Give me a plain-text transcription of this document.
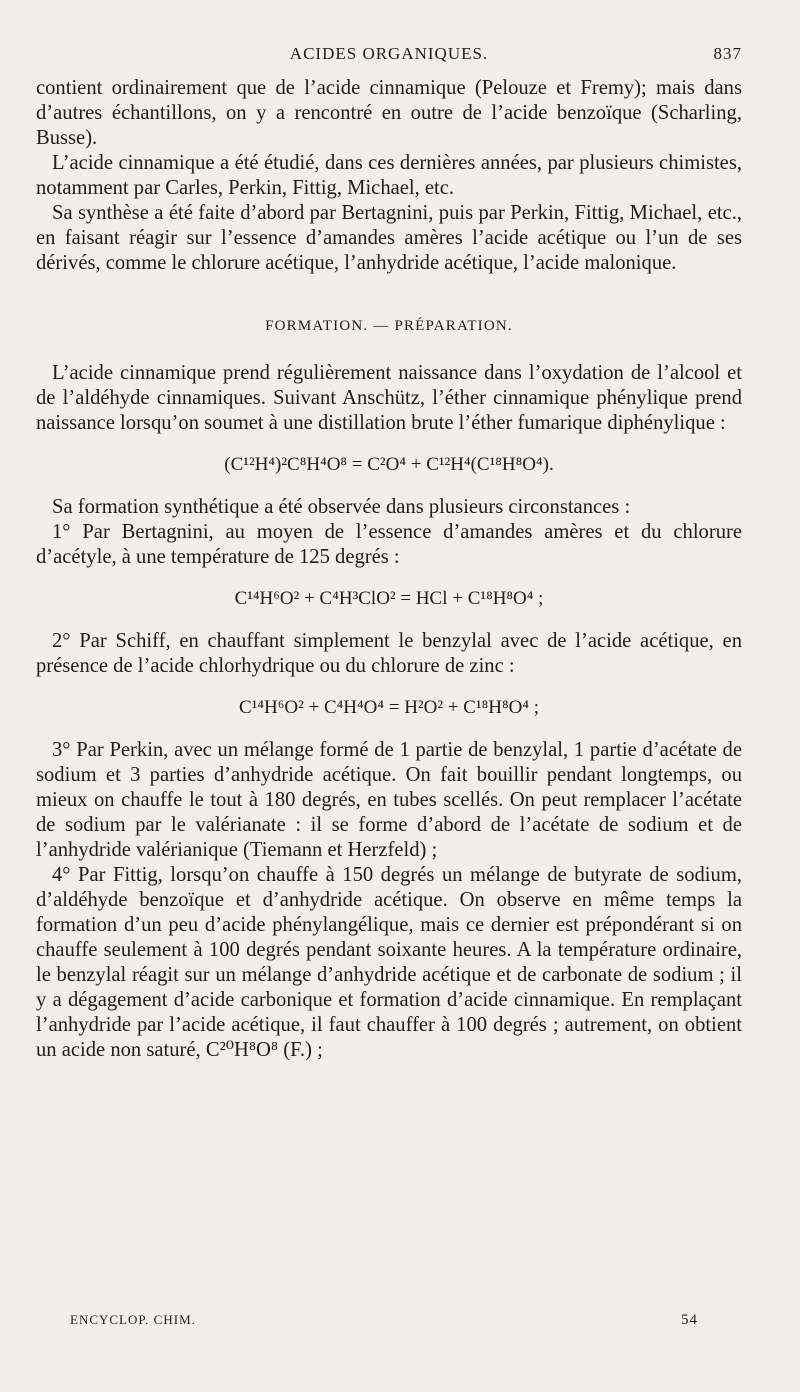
ACIDES ORGANIQUES.	837

contient ordinairement que de l’acide cinnamique (Pelouze et Fremy); mais dans d’autres échantillons, on y a rencontré en outre de l’acide benzoïque (Scharling, Busse).

L’acide cinnamique a été étudié, dans ces dernières années, par plusieurs chimistes, notamment par Carles, Perkin, Fittig, Michael, etc.

Sa synthèse a été faite d’abord par Bertagnini, puis par Perkin, Fittig, Michael, etc., en faisant réagir sur l’essence d’amandes amères l’acide acétique ou l’un de ses dérivés, comme le chlorure acétique, l’anhydride acétique, l’acide malonique.

FORMATION. — PRÉPARATION.

L’acide cinnamique prend régulièrement naissance dans l’oxydation de l’alcool et de l’aldéhyde cinnamiques. Suivant Anschütz, l’éther cinnamique phénylique prend naissance lorsqu’on soumet à une distillation brute l’éther fumarique diphénylique :

(C¹²H⁴)²C⁸H⁴O⁸ = C²O⁴ + C¹²H⁴(C¹⁸H⁸O⁴).

Sa formation synthétique a été observée dans plusieurs circonstances :

1° Par Bertagnini, au moyen de l’essence d’amandes amères et du chlorure d’acétyle, à une température de 125 degrés :

C¹⁴H⁶O² + C⁴H³ClO² = HCl + C¹⁸H⁸O⁴ ;

2° Par Schiff, en chauffant simplement le benzylal avec de l’acide acétique, en présence de l’acide chlorhydrique ou du chlorure de zinc :

C¹⁴H⁶O² + C⁴H⁴O⁴ = H²O² + C¹⁸H⁸O⁴ ;

3° Par Perkin, avec un mélange formé de 1 partie de benzylal, 1 partie d’acétate de sodium et 3 parties d’anhydride acétique. On fait bouillir pendant longtemps, ou mieux on chauffe le tout à 180 degrés, en tubes scellés. On peut remplacer l’acétate de sodium par le valérianate : il se forme d’abord de l’acétate de sodium et de l’anhydride valérianique (Tiemann et Herzfeld) ;

4° Par Fittig, lorsqu’on chauffe à 150 degrés un mélange de butyrate de sodium, d’aldéhyde benzoïque et d’anhydride acétique. On observe en même temps la formation d’un peu d’acide phénylangélique, mais ce dernier est prépondérant si on chauffe seulement à 100 degrés pendant soixante heures. A la température ordinaire, le benzylal réagit sur un mélange d’anhydride acétique et de carbonate de sodium ; il y a dégagement d’acide carbonique et formation d’acide cinnamique. En remplaçant l’anhydride par l’acide acétique, il faut chauffer à 100 degrés ; autrement, on obtient un acide non saturé, C²⁰H⁸O⁸ (F.) ;

ENCYCLOP. CHIM.	54
